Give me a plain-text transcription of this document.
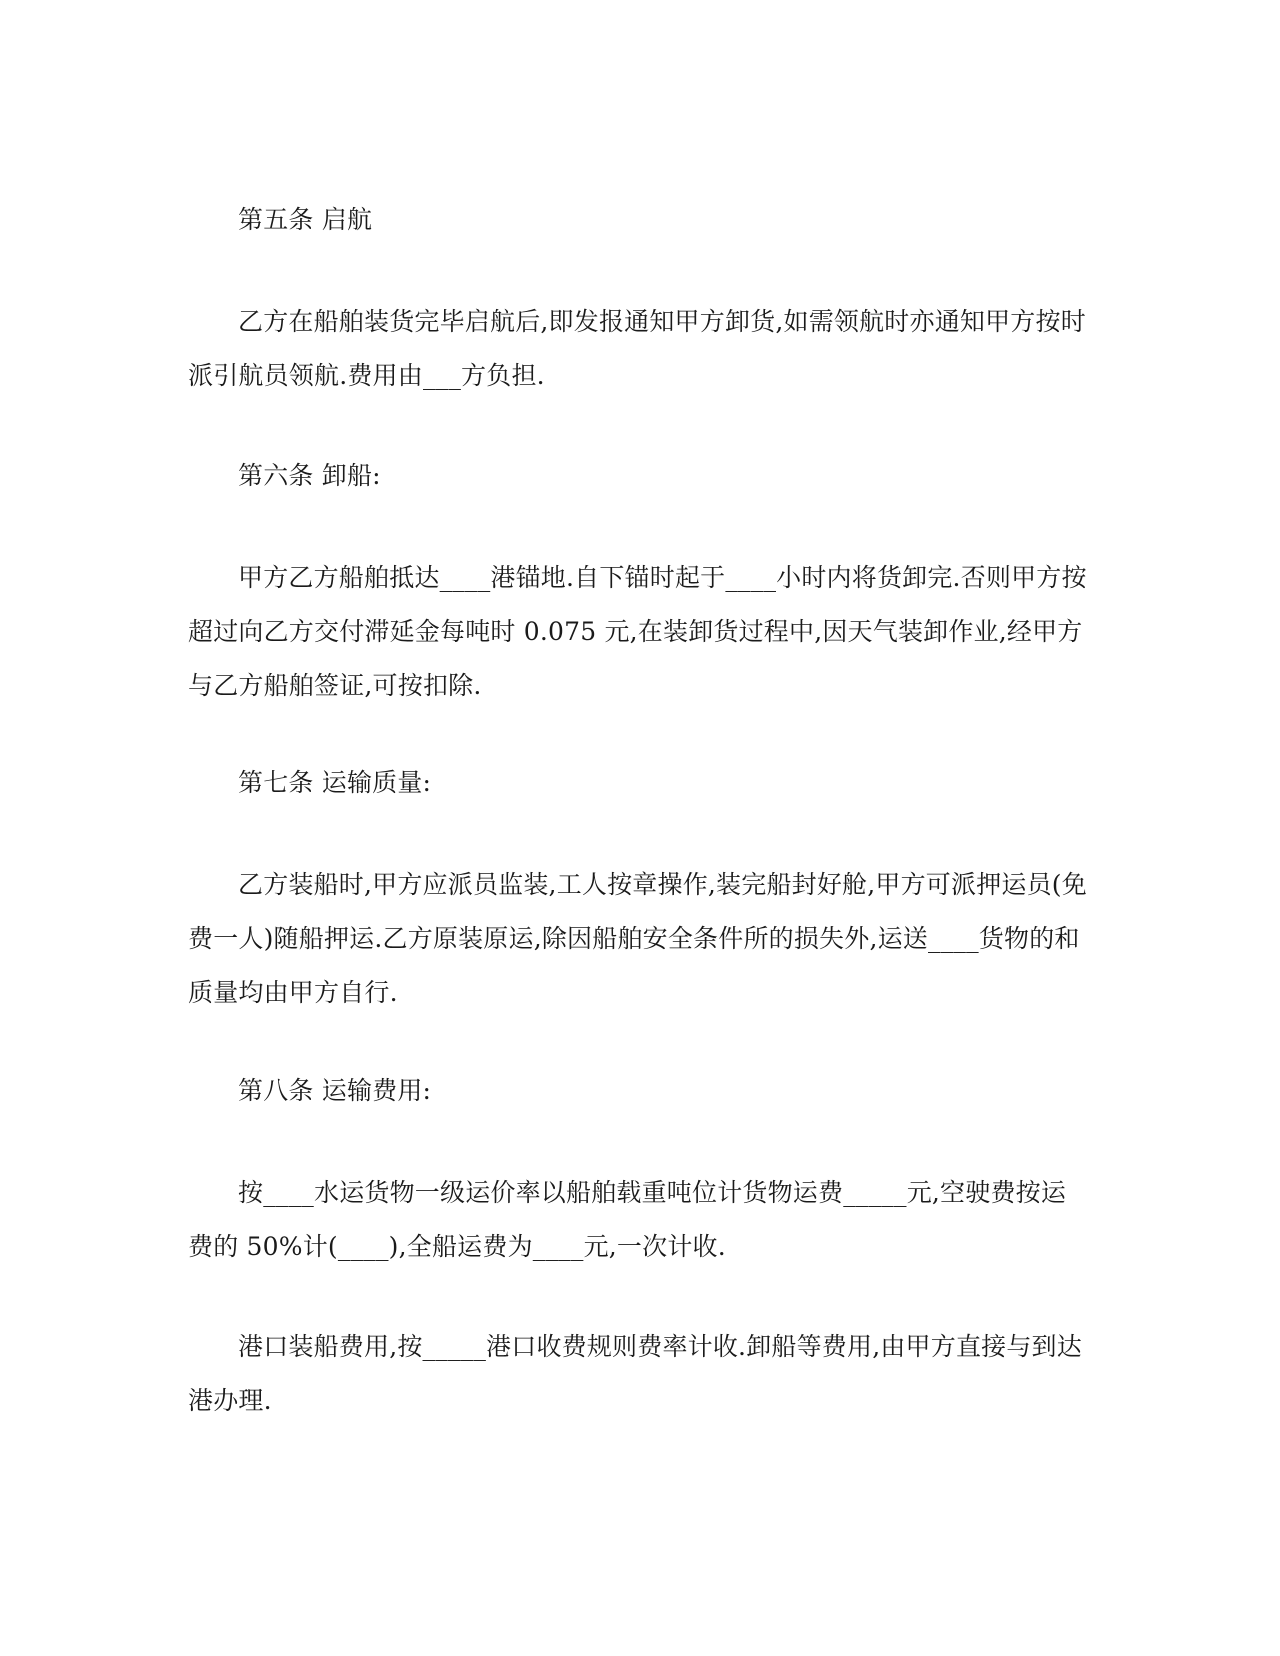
第五条 启航

乙方在船舶装货完毕启航后,即发报通知甲方卸货,如需领航时亦通知甲方按时派引航员领航.费用由___方负担.

第六条 卸船:

甲方乙方船舶抵达____港锚地.自下锚时起于____小时内将货卸完.否则甲方按超过向乙方交付滞延金每吨时 0.075 元,在装卸货过程中,因天气装卸作业,经甲方与乙方船舶签证,可按扣除.

第七条 运输质量:

乙方装船时,甲方应派员监装,工人按章操作,装完船封好舱,甲方可派押运员(免费一人)随船押运.乙方原装原运,除因船舶安全条件所的损失外,运送____货物的和质量均由甲方自行.

第八条 运输费用:

按____水运货物一级运价率以船舶载重吨位计货物运费_____元,空驶费按运费的 50%计(____),全船运费为____元,一次计收.

港口装船费用,按_____港口收费规则费率计收.卸船等费用,由甲方直接与到达港办理.
